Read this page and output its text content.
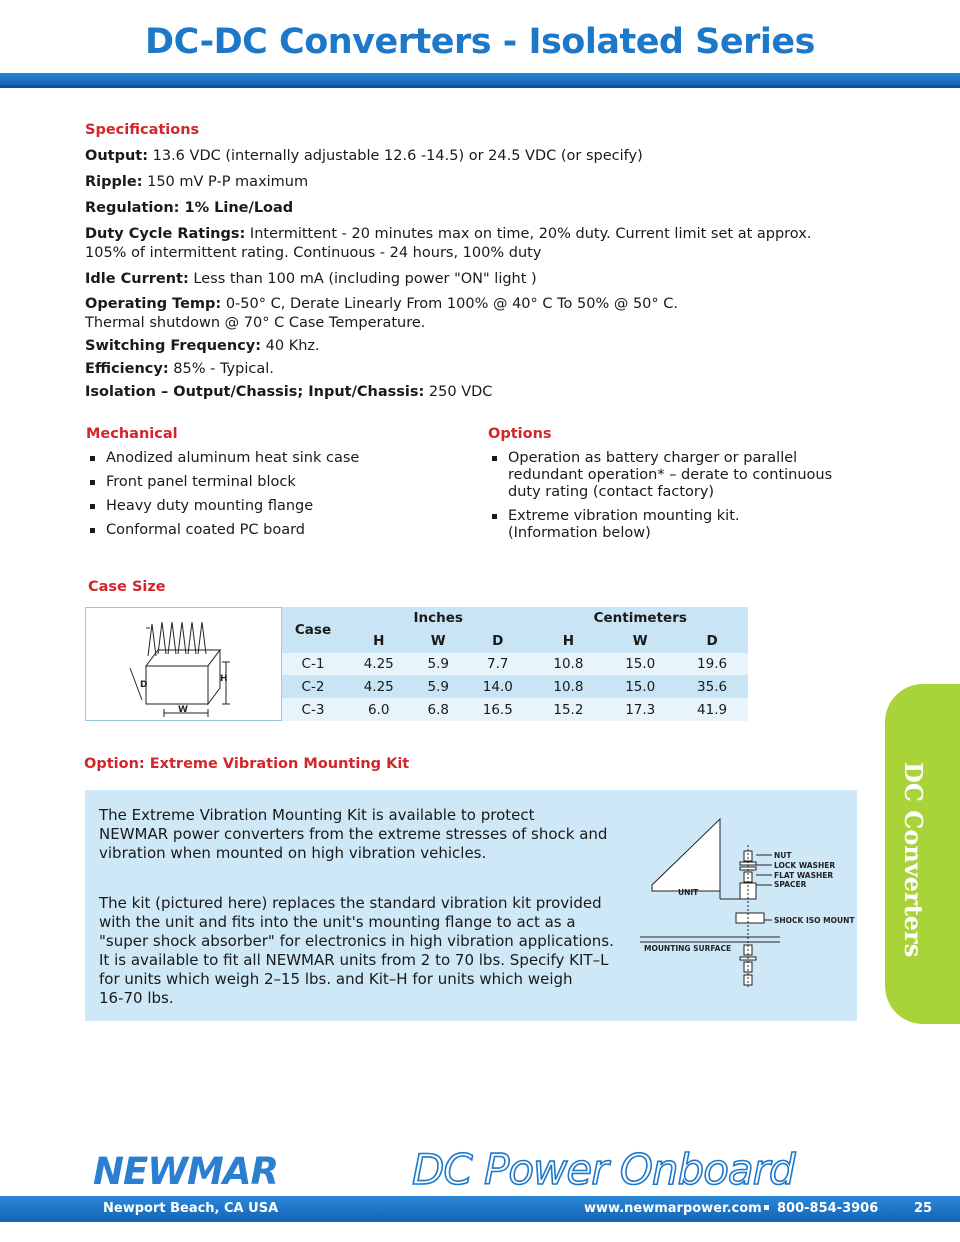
DC-DC Converters - Isolated Series
Specifications
Output: 13.6 VDC (internally adjustable 12.6 -14.5) or 24.5 VDC (or specify)
Ripple: 150 mV P-P maximum
Regulation: 1% Line/Load
Duty Cycle Ratings: Intermittent - 20 minutes max on time, 20% duty. Current limit set at approx.
105% of intermittent rating. Continuous - 24 hours, 100% duty
Idle Current: Less than 100 mA (including power "ON" light )
Operating Temp: 0-50° C, Derate Linearly From 100% @ 40° C To 50% @ 50° C.
Thermal shutdown @ 70° C Case Temperature.
Switching Frequency: 40 Khz.
Efficiency: 85% - Typical.
Isolation – Output/Chassis; Input/Chassis: 250 VDC
Mechanical
Anodized aluminum heat sink case
Front panel terminal block
Heavy duty mounting flange
Conformal coated PC board
Options
Operation as battery charger or parallel
redundant operation* – derate to continuous
duty rating (contact factory)
Extreme vibration mounting kit.
(Information below)
Case Size
W
H
D
Case	Inches			Centimeters		
	H	W	D	H	W	D
C-1	4.25	5.9	7.7	10.8	15.0	19.6
C-2	4.25	5.9	14.0	10.8	15.0	35.6
C-3	6.0	6.8	16.5	15.2	17.3	41.9
Option: Extreme Vibration Mounting Kit

The Extreme Vibration Mounting Kit is available to protect
NEWMAR power converters from the extreme stresses of shock and
vibration when mounted on high vibration vehicles.

The kit (pictured here) replaces the standard vibration kit provided
with the unit and fits into the unit's mounting flange to act as a
"super shock absorber" for electronics in high vibration applications.
It is available to fit all NEWMAR units from 2 to 70 lbs. Specify KIT–L
for units which weigh 2–15 lbs. and Kit–H for units which weigh
16-70 lbs.

NUT
LOCK WASHER
FLAT WASHER
SPACER
UNIT
SHOCK ISO MOUNT
MOUNTING SURFACE	DC Converters
NEWMAR	DC Power Onboard
Newport Beach, CA USA	www.newmarpower.com 800-854-3906	25
